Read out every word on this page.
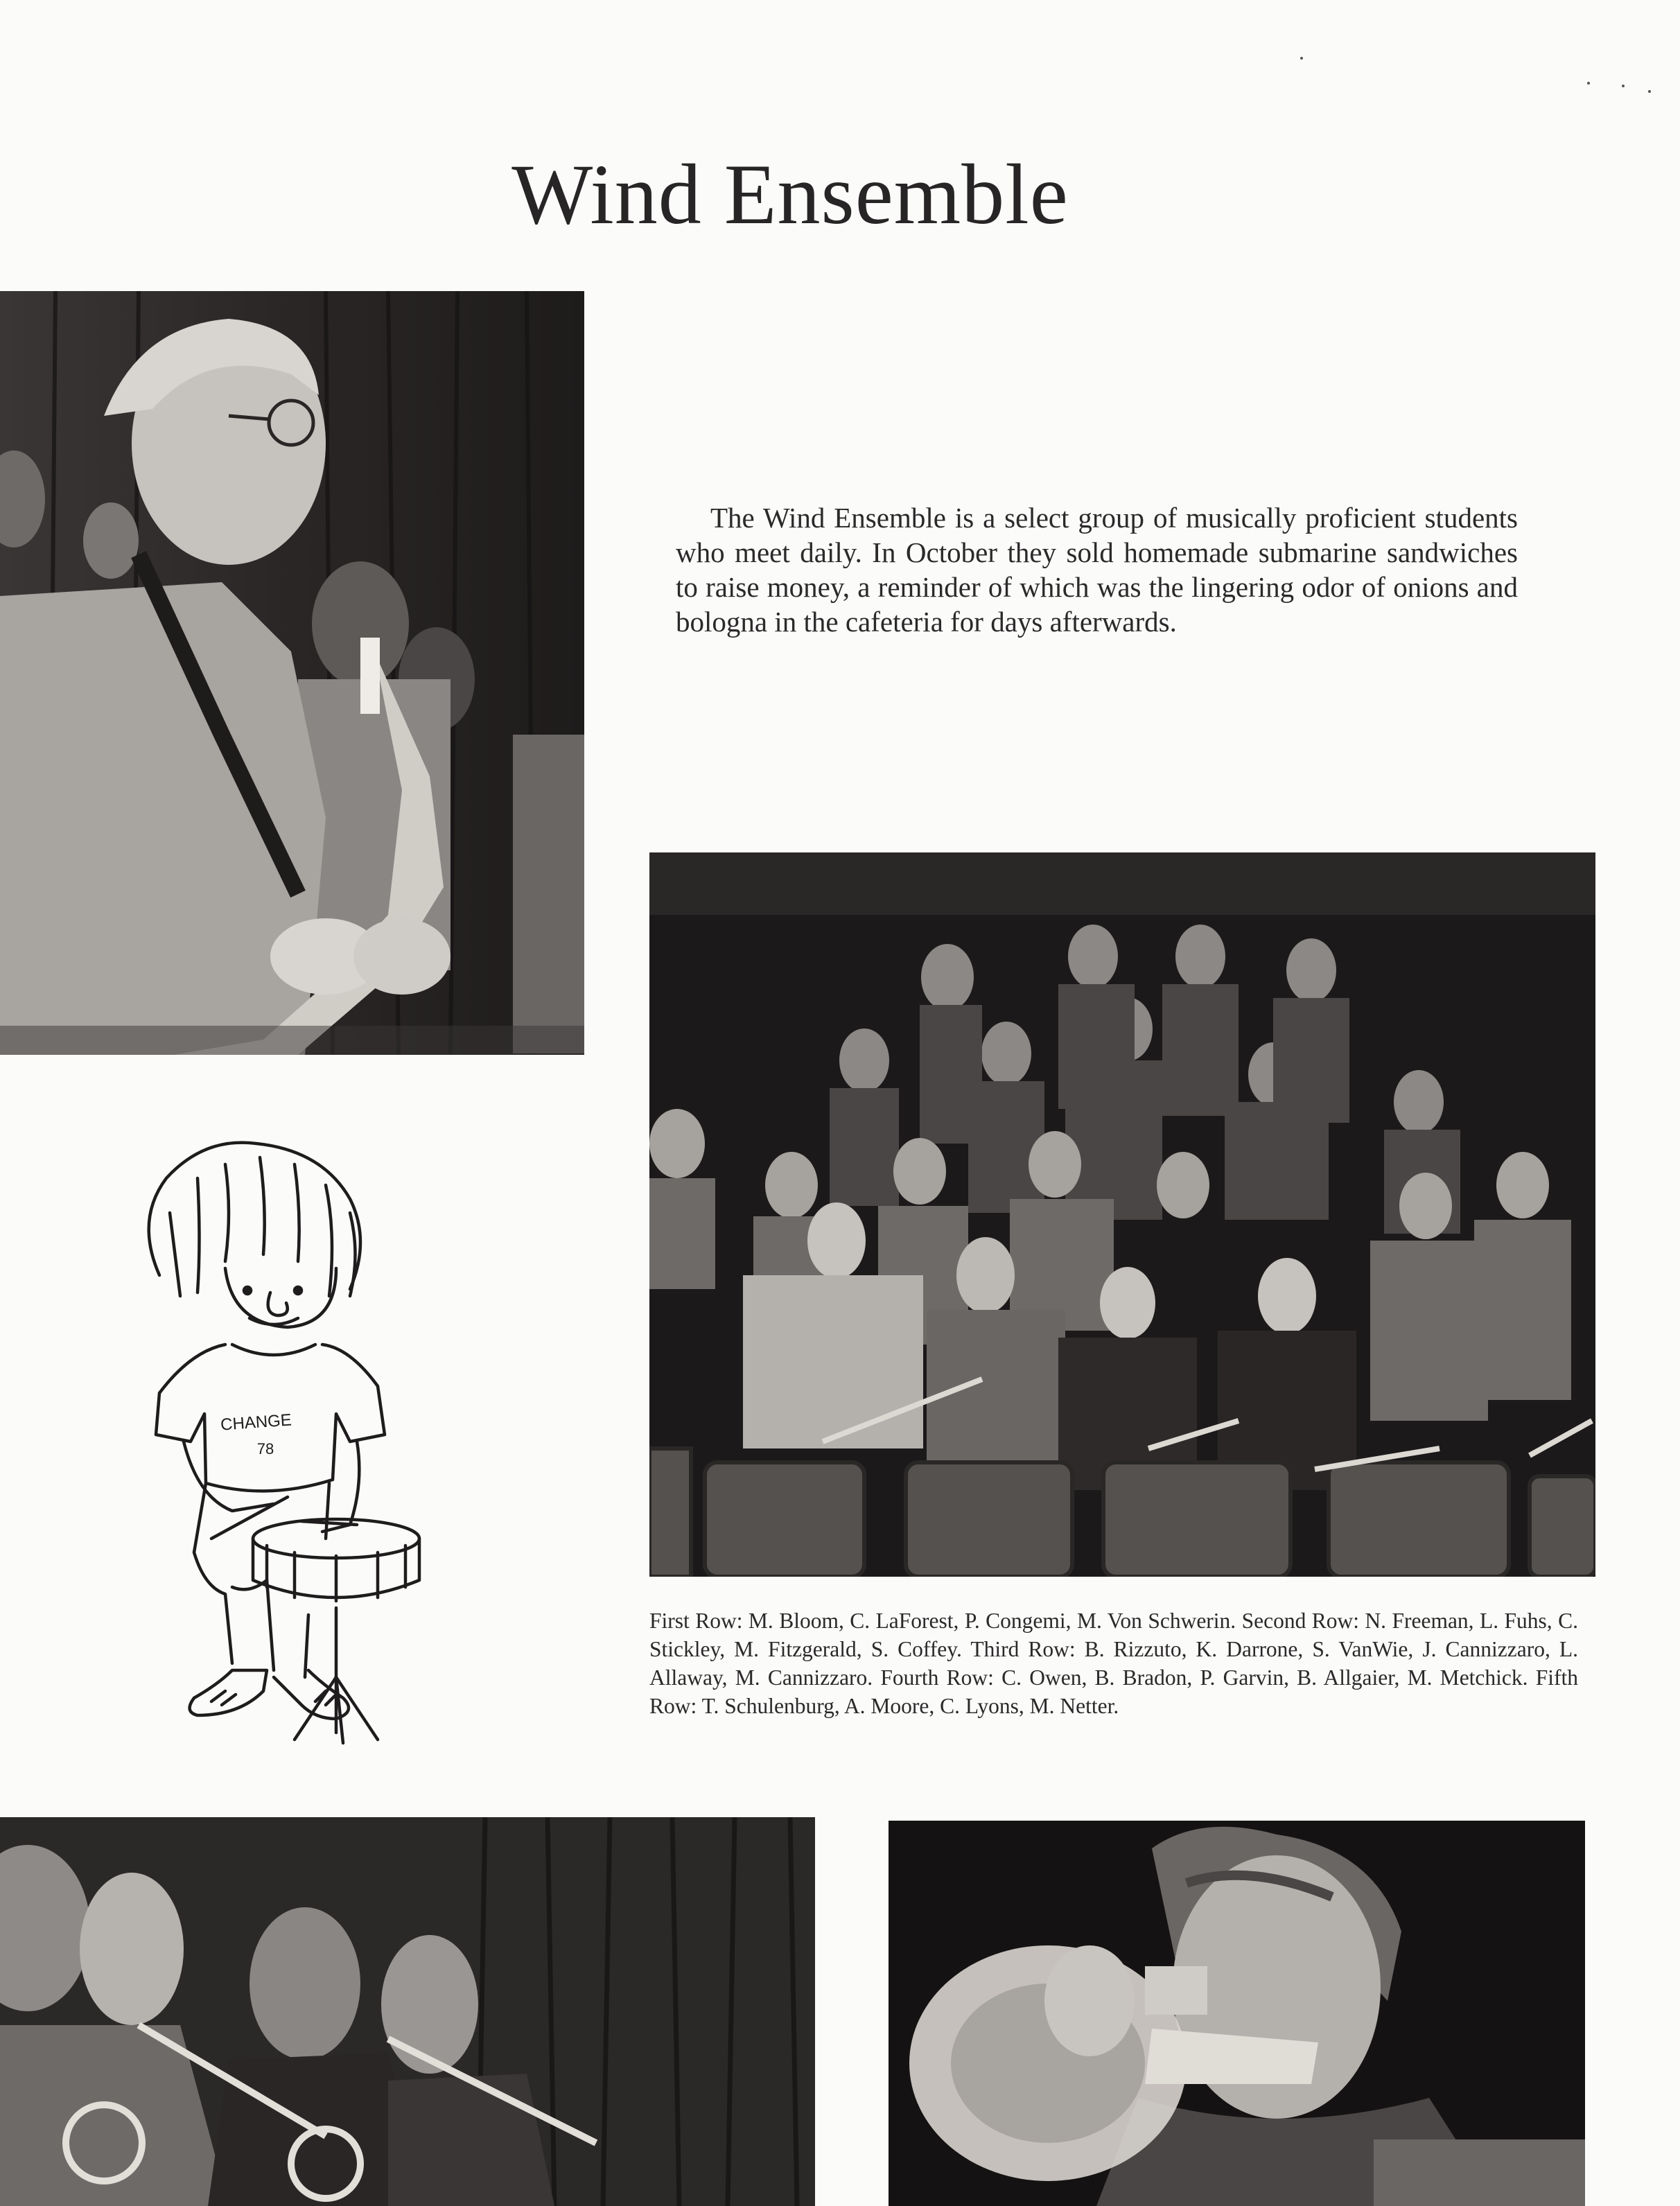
Wind Ensemble

The Wind Ensemble is a select group of musically proficient students who meet daily. In October they sold homemade submarine sandwiches to raise money, a reminder of which was the lingering odor of onions and bologna in the cafeteria for days afterwards.

CHANGE
78

First Row: M. Bloom, C. LaForest, P. Congemi, M. Von Schwerin. Second Row: N. Freeman, L. Fuhs, C. Stickley, M. Fitzgerald, S. Coffey. Third Row: B. Rizzuto, K. Darrone, S. VanWie, J. Cannizzaro, L. Allaway, M. Cannizzaro. Fourth Row: C. Owen, B. Bradon, P. Garvin, B. Allgaier, M. Metchick. Fifth Row: T. Schulenburg, A. Moore, C. Lyons, M. Netter.
